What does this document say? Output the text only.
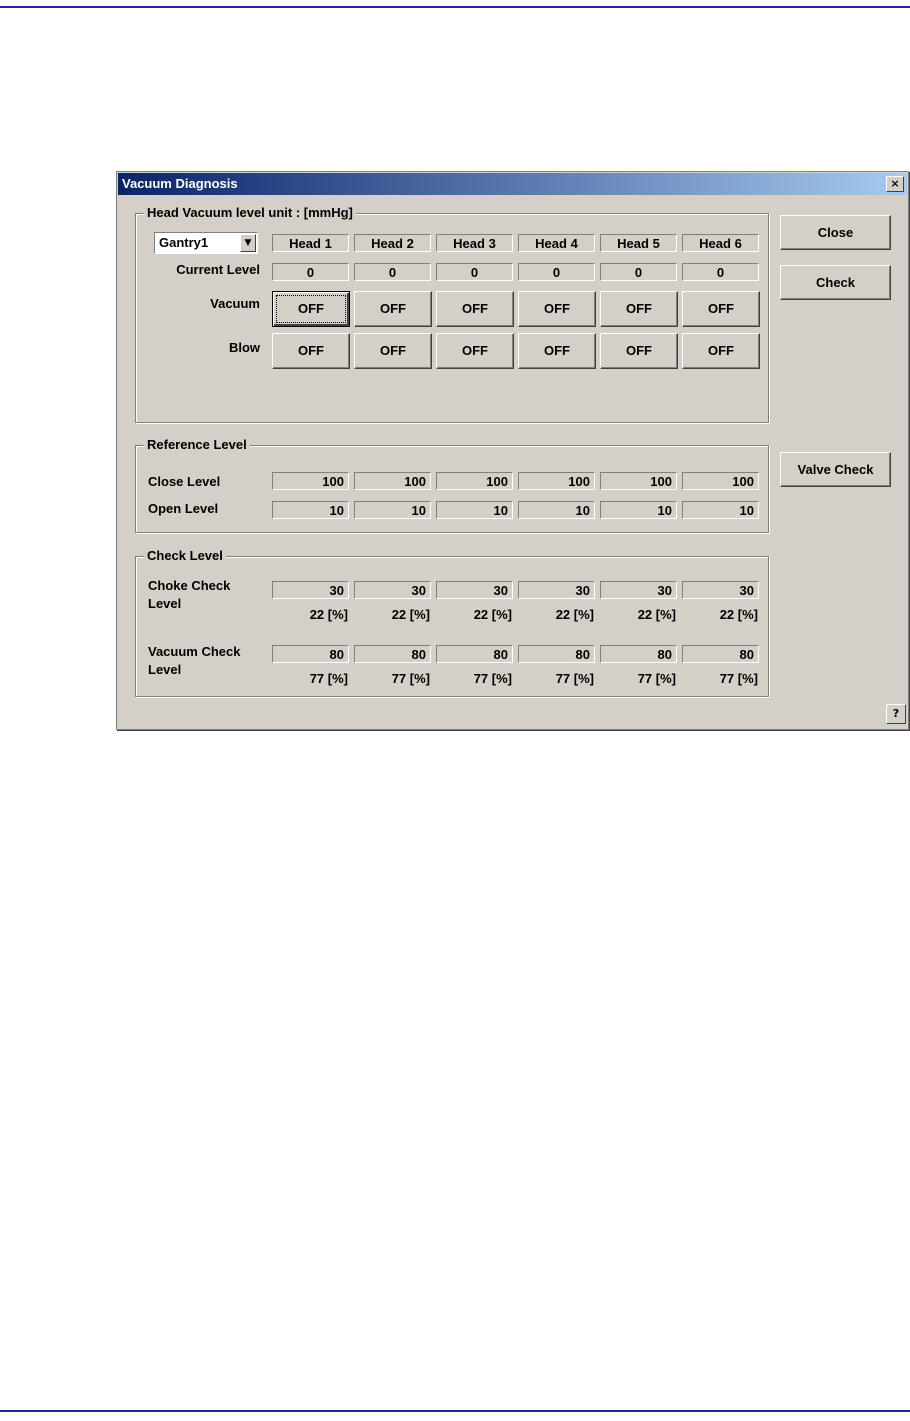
Vacuum Diagnosis	×
Head Vacuum level unit : [mmHg]
Gantry1	▼
Current Level
Vacuum
Blow
Head 1
0
OFF
OFF
Head 2
0
OFF
OFF
Head 3
0
OFF
OFF
Head 4
0
OFF
OFF
Head 5
0
OFF
OFF
Head 6
0
OFF
OFF
Reference Level
Close Level
Open Level
100
10
100
10
100
10
100
10
100
10
100
10
Check Level
Choke Check
Level
Vacuum Check
Level
30
22 [%]
80
77 [%]
30
22 [%]
80
77 [%]
30
22 [%]
80
77 [%]
30
22 [%]
80
77 [%]
30
22 [%]
80
77 [%]
30
22 [%]
80
77 [%]
Close
Check
Valve Check
?
